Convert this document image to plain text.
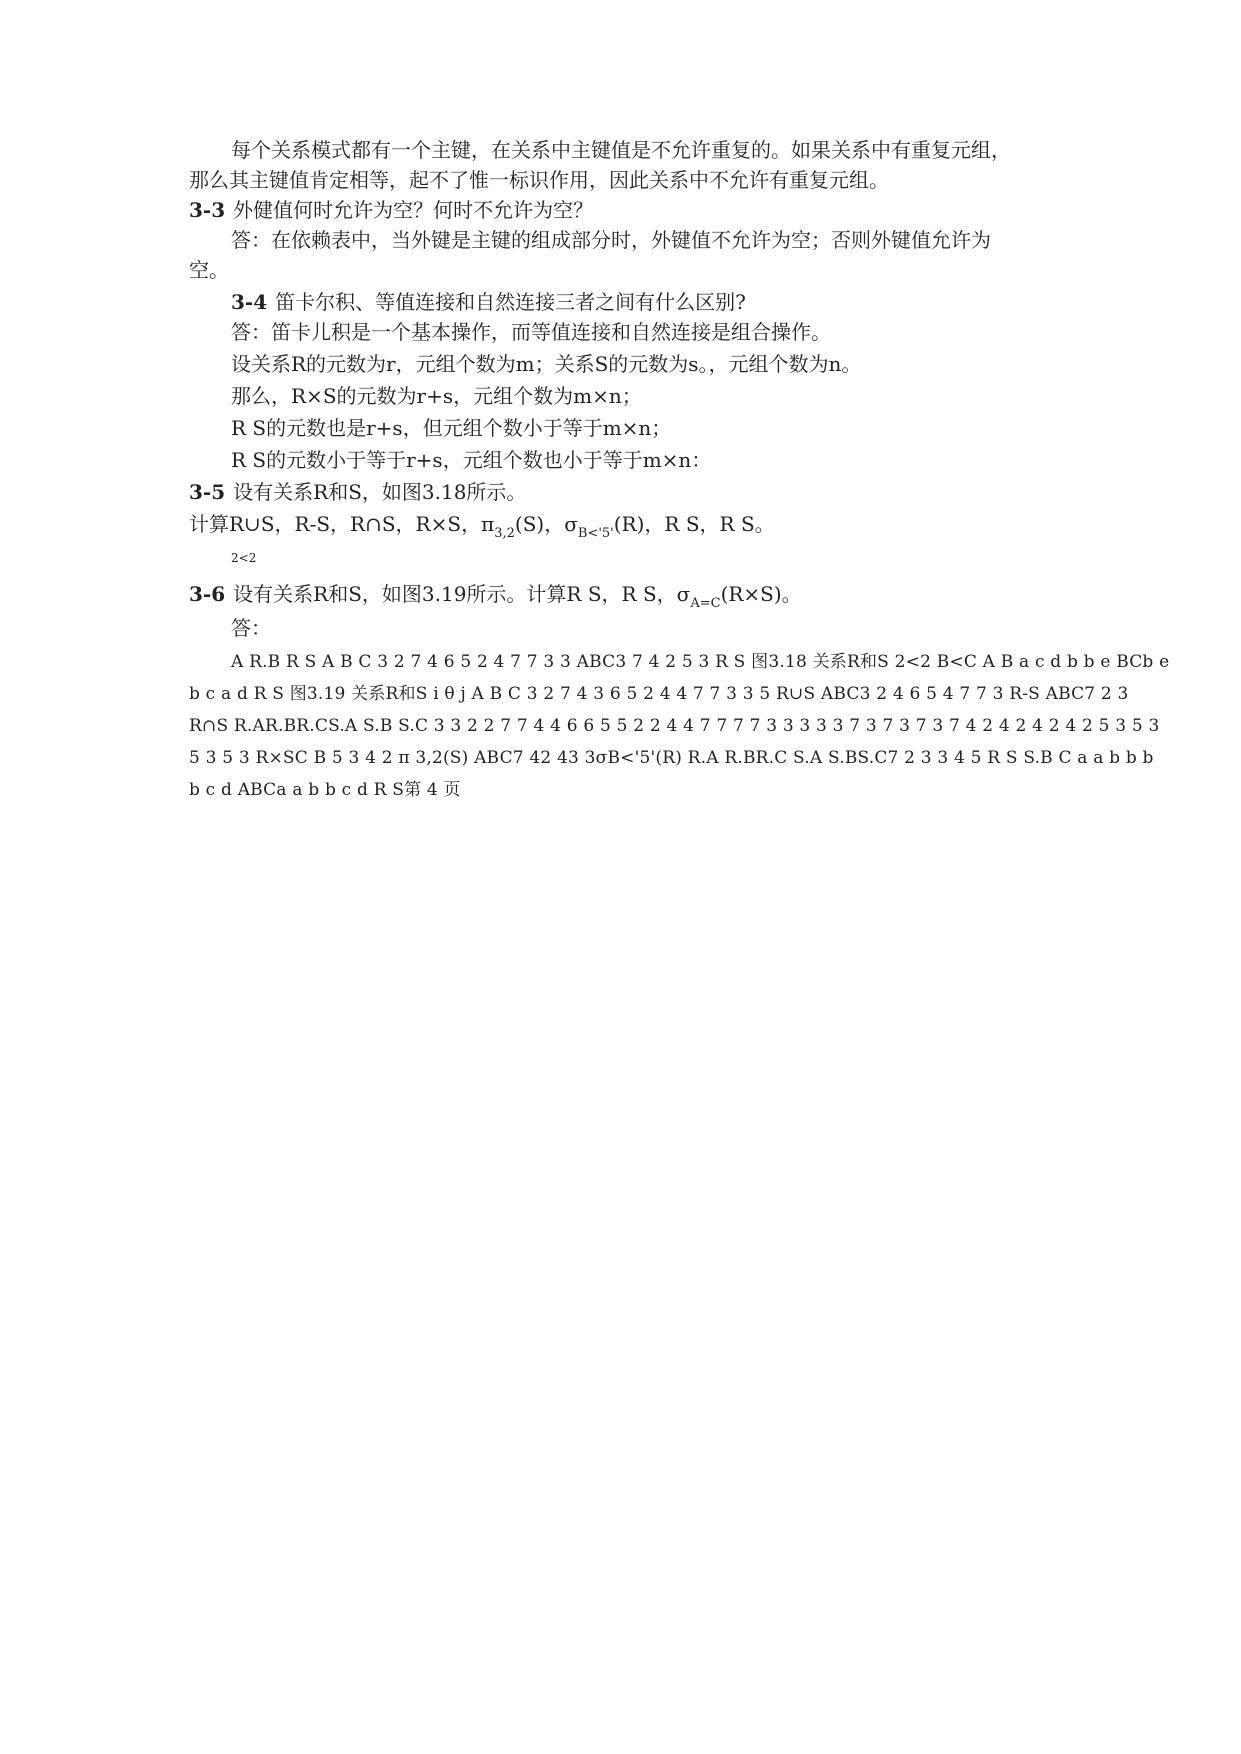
每个关系模式都有一个主键，在关系中主键值是不允许重复的。如果关系中有重复元组，
那么其主键值肯定相等，起不了惟一标识作用，因此关系中不允许有重复元组。
3-3 外健值何时允许为空？何时不允许为空？
答：在依赖表中，当外键是主键的组成部分时，外键值不允许为空；否则外键值允许为
空。
3-4 笛卡尔积、等值连接和自然连接三者之间有什么区别?
答：笛卡儿积是一个基本操作，而等值连接和自然连接是组合操作。
设关系R的元数为r，元组个数为m；关系S的元数为s。，元组个数为n。
那么，R×S的元数为r+s，元组个数为m×n；
R S的元数也是r+s，但元组个数小于等于m×n；
R S的元数小于等于r+s，元组个数也小于等于m×n：
3-5 设有关系R和S，如图3.18所示。
计算R∪S，R-S，R∩S，R×S，$\pi_{3,2}(S)$，$\sigma_{B<'5'}(R)$，R S，R S。
2<2
3-6 设有关系R和S，如图3.19所示。计算R S，R S，$\sigma_{A=C}(R\times S)$。
答：
A R.B R S A B C 3 2 7 4 6 5 2 4 7 7 3 3 ABC3 7 4 2 5 3 R S 图3.18 关系R和S 2<2 B<C A B a c d b b e BCb e
b c a d R S 图3.19 关系R和S i θ j A B C 3 2 7 4 3 6 5 2 4 4 7 7 3 3 5 R∪S ABC3 2 4 6 5 4 7 7 3 R-S ABC7 2 3
R∩S R.AR.BR.CS.A S.B S.C 3 3 2 2 7 7 4 4 6 6 5 5 2 2 4 4 7 7 7 7 3 3 3 3 3 7 3 7 3 7 3 7 4 2 4 2 4 2 4 2 5 3 5 3
5 3 5 3 R×SC B 5 3 4 2 π 3,2(S) ABC7 42 43 3σB<'5'(R) R.A R.BR.C S.A S.BS.C7 2 3 3 4 5 R S S.B C a a b b b
b c d ABCa a b b c d R S第 4 页
